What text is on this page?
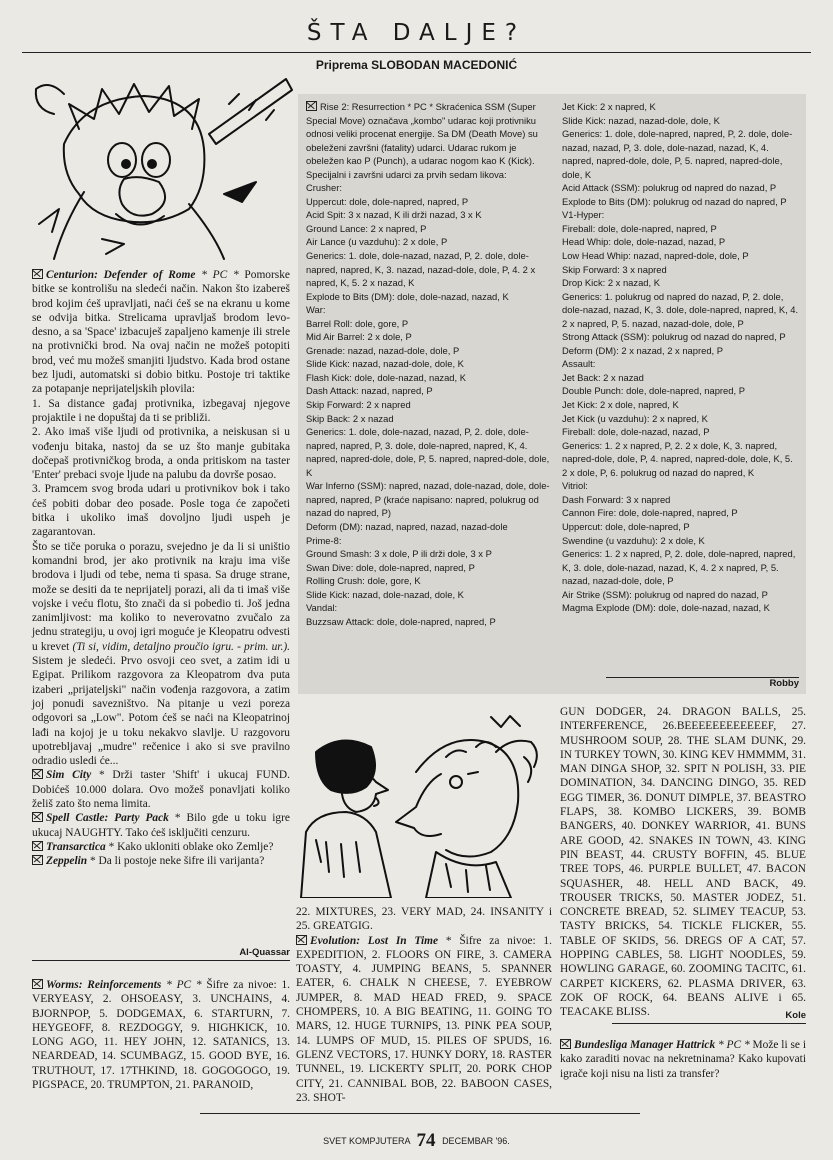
ŠTA DALJE?
Priprema SLOBODAN MACEDONIĆ

Centurion: Defender of Rome * PC * Pomorske bitke se kontrolišu na sledeći način. Nakon što izabereš brod kojim ćeš upravljati, naći ćeš se na ekranu u kome se odvija bitka. Strelicama upravljaš brodom levo-desno, a sa 'Space' izbacuješ zapaljeno kamenje ili strele na protivnički brod. Na ovaj način ne možeš potopiti brod, već mu možeš smanjiti ljudstvo. Kada brod ostane bez ljudi, automatski si dobio bitku. Postoje tri taktike za potapanje neprijateljskih plovila:

1. Sa distance gađaj protivnika, izbegavaj njegove projaktile i ne dopuštaj da ti se približi.

2. Ako imaš više ljudi od protivnika, a neiskusan si u vođenju bitaka, nastoj da se uz što manje gubitaka dočepaš protivničkog broda, a onda pritiskom na taster 'Enter' prebaci svoje ljude na palubu da dovrše posao.

3. Pramcem svog broda udari u protivnikov bok i tako ćeš pobiti dobar deo posade. Posle toga će započeti bitka i ukoliko imaš dovoljno ljudi uspeh je zagarantovan.

Što se tiče poruka o porazu, svejedno je da li si uništio komandni brod, jer ako protivnik na kraju ima više brodova i ljudi od tebe, nema ti spasa. Sa druge strane, može se desiti da te neprijatelj porazi, ali da ti imaš više vojske i veću flotu, što znači da si pobedio ti. Još jedna zanimljivost: ma koliko to neverovatno zvučalo za jednu strategiju, u ovoj igri moguće je Kleopatru odvesti u krevet (Ti si, vidim, detaljno proučio igru. - prim. ur.). Sistem je sledeći. Prvo osvoji ceo svet, a zatim idi u Egipat. Prilikom razgovora za Kleopatrom dva puta izaberi „prijateljski" način vođenja razgovora, a zatim joj ponudi savezništvo. Na pitanje u vezi poreza odgovori sa „Low". Potom ćeš se naći na Kleopatrinoj lađi na kojoj je u toku nekakvo slavlje. U razgovoru upotrebljavaj „mudre" rečenice i ako si sve pravilno odradio usledi će...

Sim City * Drži taster 'Shift' i ukucaj FUND. Dobićeš 10.000 dolara. Ovo možeš ponavljati koliko želiš zato što nema limita.

Spell Castle: Party Pack * Bilo gde u toku igre ukucaj NAUGHTY. Tako ćeš isključiti cenzuru.

Transarctica * Kako ukloniti oblake oko Zemlje?

Zeppelin * Da li postoje neke šifre ili varijanta?

Al-Quassar

Worms: Reinforcements * PC * Šifre za nivoe: 1. VERYEASY, 2. OHSOEASY, 3. UNCHAINS, 4. BJORNPOP, 5. DODGEMAX, 6. STARTURN, 7. HEYGEOFF, 8. REZDOGGY, 9. HIGHKICK, 10. LONG AGO, 11. HEY JOHN, 12. SATANICS, 13. NEARDEAD, 14. SCUMBAGZ, 15. GOOD BYE, 16. TRUTHOUT, 17. 17THKIND, 18. GOGOGOGO, 19. PIGSPACE, 20. TRUMPTON, 21. PARANOID,

Rise 2: Resurrection * PC * Skraćenica SSM (Super Special Move) označava „kombo" udarac koji protivniku odnosi veliki procenat energije. Sa DM (Death Move) su obeleženi završni (fatality) udarci. Udarac rukom je obeležen kao P (Punch), a udarac nogom kao K (Kick). Specijalni i završni udarci za prvih sedam likova:

Crusher:

Uppercut: dole, dole-napred, napred, P

Acid Spit: 3 x nazad, K ili drži nazad, 3 x K

Ground Lance: 2 x napred, P

Air Lance (u vazduhu): 2 x dole, P

Generics: 1. dole, dole-nazad, nazad, P, 2. dole, dole-napred, napred, K, 3. nazad, nazad-dole, dole, P, 4. 2 x napred, K, 5. 2 x nazad, K

Explode to Bits (DM): dole, dole-nazad, nazad, K

War:

Barrel Roll: dole, gore, P

Mid Air Barrel: 2 x dole, P

Grenade: nazad, nazad-dole, dole, P

Slide Kick: nazad, nazad-dole, dole, K

Flash Kick: dole, dole-nazad, nazad, K

Dash Attack: nazad, napred, P

Skip Forward: 2 x napred

Skip Back: 2 x nazad

Generics: 1. dole, dole-nazad, nazad, P, 2. dole, dole-napred, napred, P, 3. dole, dole-napred, napred, K, 4. napred, napred-dole, dole, P, 5. napred, napred-dole, dole, K

War Inferno (SSM): napred, nazad, dole-nazad, dole, dole-napred, napred, P (kraće napisano: napred, polukrug od nazad do napred, P)

Deform (DM): nazad, napred, nazad, nazad-dole

Prime-8:

Ground Smash: 3 x dole, P ili drži dole, 3 x P

Swan Dive: dole, dole-napred, napred, P

Rolling Crush: dole, gore, K

Slide Kick: nazad, dole-nazad, dole, K

Vandal:

Buzzsaw Attack: dole, dole-napred, napred, P

Jet Kick: 2 x napred, K

Slide Kick: nazad, nazad-dole, dole, K

Generics: 1. dole, dole-napred, napred, P, 2. dole, dole-nazad, nazad, P, 3. dole, dole-nazad, nazad, K, 4. napred, napred-dole, dole, P, 5. napred, napred-dole, dole, K

Acid Attack (SSM): polukrug od napred do nazad, P

Explode to Bits (DM): polukrug od nazad do napred, P

V1-Hyper:

Fireball: dole, dole-napred, napred, P

Head Whip: dole, dole-nazad, nazad, P

Low Head Whip: nazad, napred-dole, dole, P

Skip Forward: 3 x napred

Drop Kick: 2 x nazad, K

Generics: 1. polukrug od napred do nazad, P, 2. dole, dole-nazad, nazad, K, 3. dole, dole-napred, napred, K, 4. 2 x napred, P, 5. nazad, nazad-dole, dole, P

Strong Attack (SSM): polukrug od nazad do napred, P

Deform (DM): 2 x nazad, 2 x napred, P

Assault:

Jet Back: 2 x nazad

Double Punch: dole, dole-napred, napred, P

Jet Kick: 2 x dole, napred, K

Jet Kick (u vazduhu): 2 x napred, K

Fireball: dole, dole-nazad, nazad, P

Generics: 1. 2 x napred, P, 2. 2 x dole, K, 3. napred, napred-dole, dole, P, 4. napred, napred-dole, dole, K, 5. 2 x dole, P, 6. polukrug od nazad do napred, K

Vitriol:

Dash Forward: 3 x napred

Cannon Fire: dole, dole-napred, napred, P

Uppercut: dole, dole-napred, P

Swendine (u vazduhu): 2 x dole, K

Generics: 1. 2 x napred, P, 2. dole, dole-napred, napred, K, 3. dole, dole-nazad, nazad, K, 4. 2 x napred, P, 5. nazad, nazad-dole, dole, P

Air Strike (SSM): polukrug od napred do nazad, P

Magma Explode (DM): dole, dole-nazad, nazad, K

Robby

22. MIXTURES, 23. VERY MAD, 24. INSANITY i 25. GREATGIG.

Evolution: Lost In Time * Šifre za nivoe: 1. EXPEDITION, 2. FLOORS ON FIRE, 3. CAMERA TOASTY, 4. JUMPING BEANS, 5. SPANNER EATER, 6. CHALK N CHEESE, 7. EYEBROW JUMPER, 8. MAD HEAD FRED, 9. SPACE CHOMPERS, 10. A BIG BEATING, 11. GOING TO MARS, 12. HUGE TURNIPS, 13. PINK PEA SOUP, 14. LUMPS OF MUD, 15. PILES OF SPUDS, 16. GLENZ VECTORS, 17. HUNKY DORY, 18. RASTER TUNNEL, 19. LICKERTY SPLIT, 20. PORK CHOP CITY, 21. CANNIBAL BOB, 22. BABOON CASES, 23. SHOT-

GUN DODGER, 24. DRAGON BALLS, 25. INTERFERENCE, 26.BEEEEEEEEEEEEF, 27. MUSHROOM SOUP, 28. THE SLAM DUNK, 29. IN TURKEY TOWN, 30. KING KEV HMMMM, 31. MAN DINGA SHOP, 32. SPIT N POLISH, 33. PIE DOMINATION, 34. DANCING DINGO, 35. RED EGG TIMER, 36. DONUT DIMPLE, 37. BEASTRO FLAPS, 38. KOMBO LICKERS, 39. BOMB BANGERS, 40. DONKEY WARRIOR, 41. BUNS ARE GOOD, 42. SNAKES IN TOWN, 43. KING PIN BEAST, 44. CRUSTY BOFFIN, 45. BLUE TREE TOPS, 46. PURPLE BULLET, 47. BACON SQUASHER, 48. HELL AND BACK, 49. TROUSER TRICKS, 50. MASTER JODEZ, 51. CONCRETE BREAD, 52. SLIMEY TEACUP, 53. TASTY BRICKS, 54. TICKLE FLICKER, 55. TABLE OF SKIDS, 56. DREGS OF A CAT, 57. HOPPING CABLES, 58. LIGHT NOODLES, 59. HOWLING GARAGE, 60. ZOOMING TACITC, 61. CARPET KICKERS, 62. PLASMA DRIVER, 63. ZOK OF ROCK, 64. BEANS ALIVE i 65. TEACAKE BLISS.	Kole

Bundesliga Manager Hattrick * PC * Može li se i kako zaraditi novac na nekretninama? Kako kupovati igrače koji nisu na listi za transfer?

SVET KOMPJUTERA 74 DECEMBAR '96.
